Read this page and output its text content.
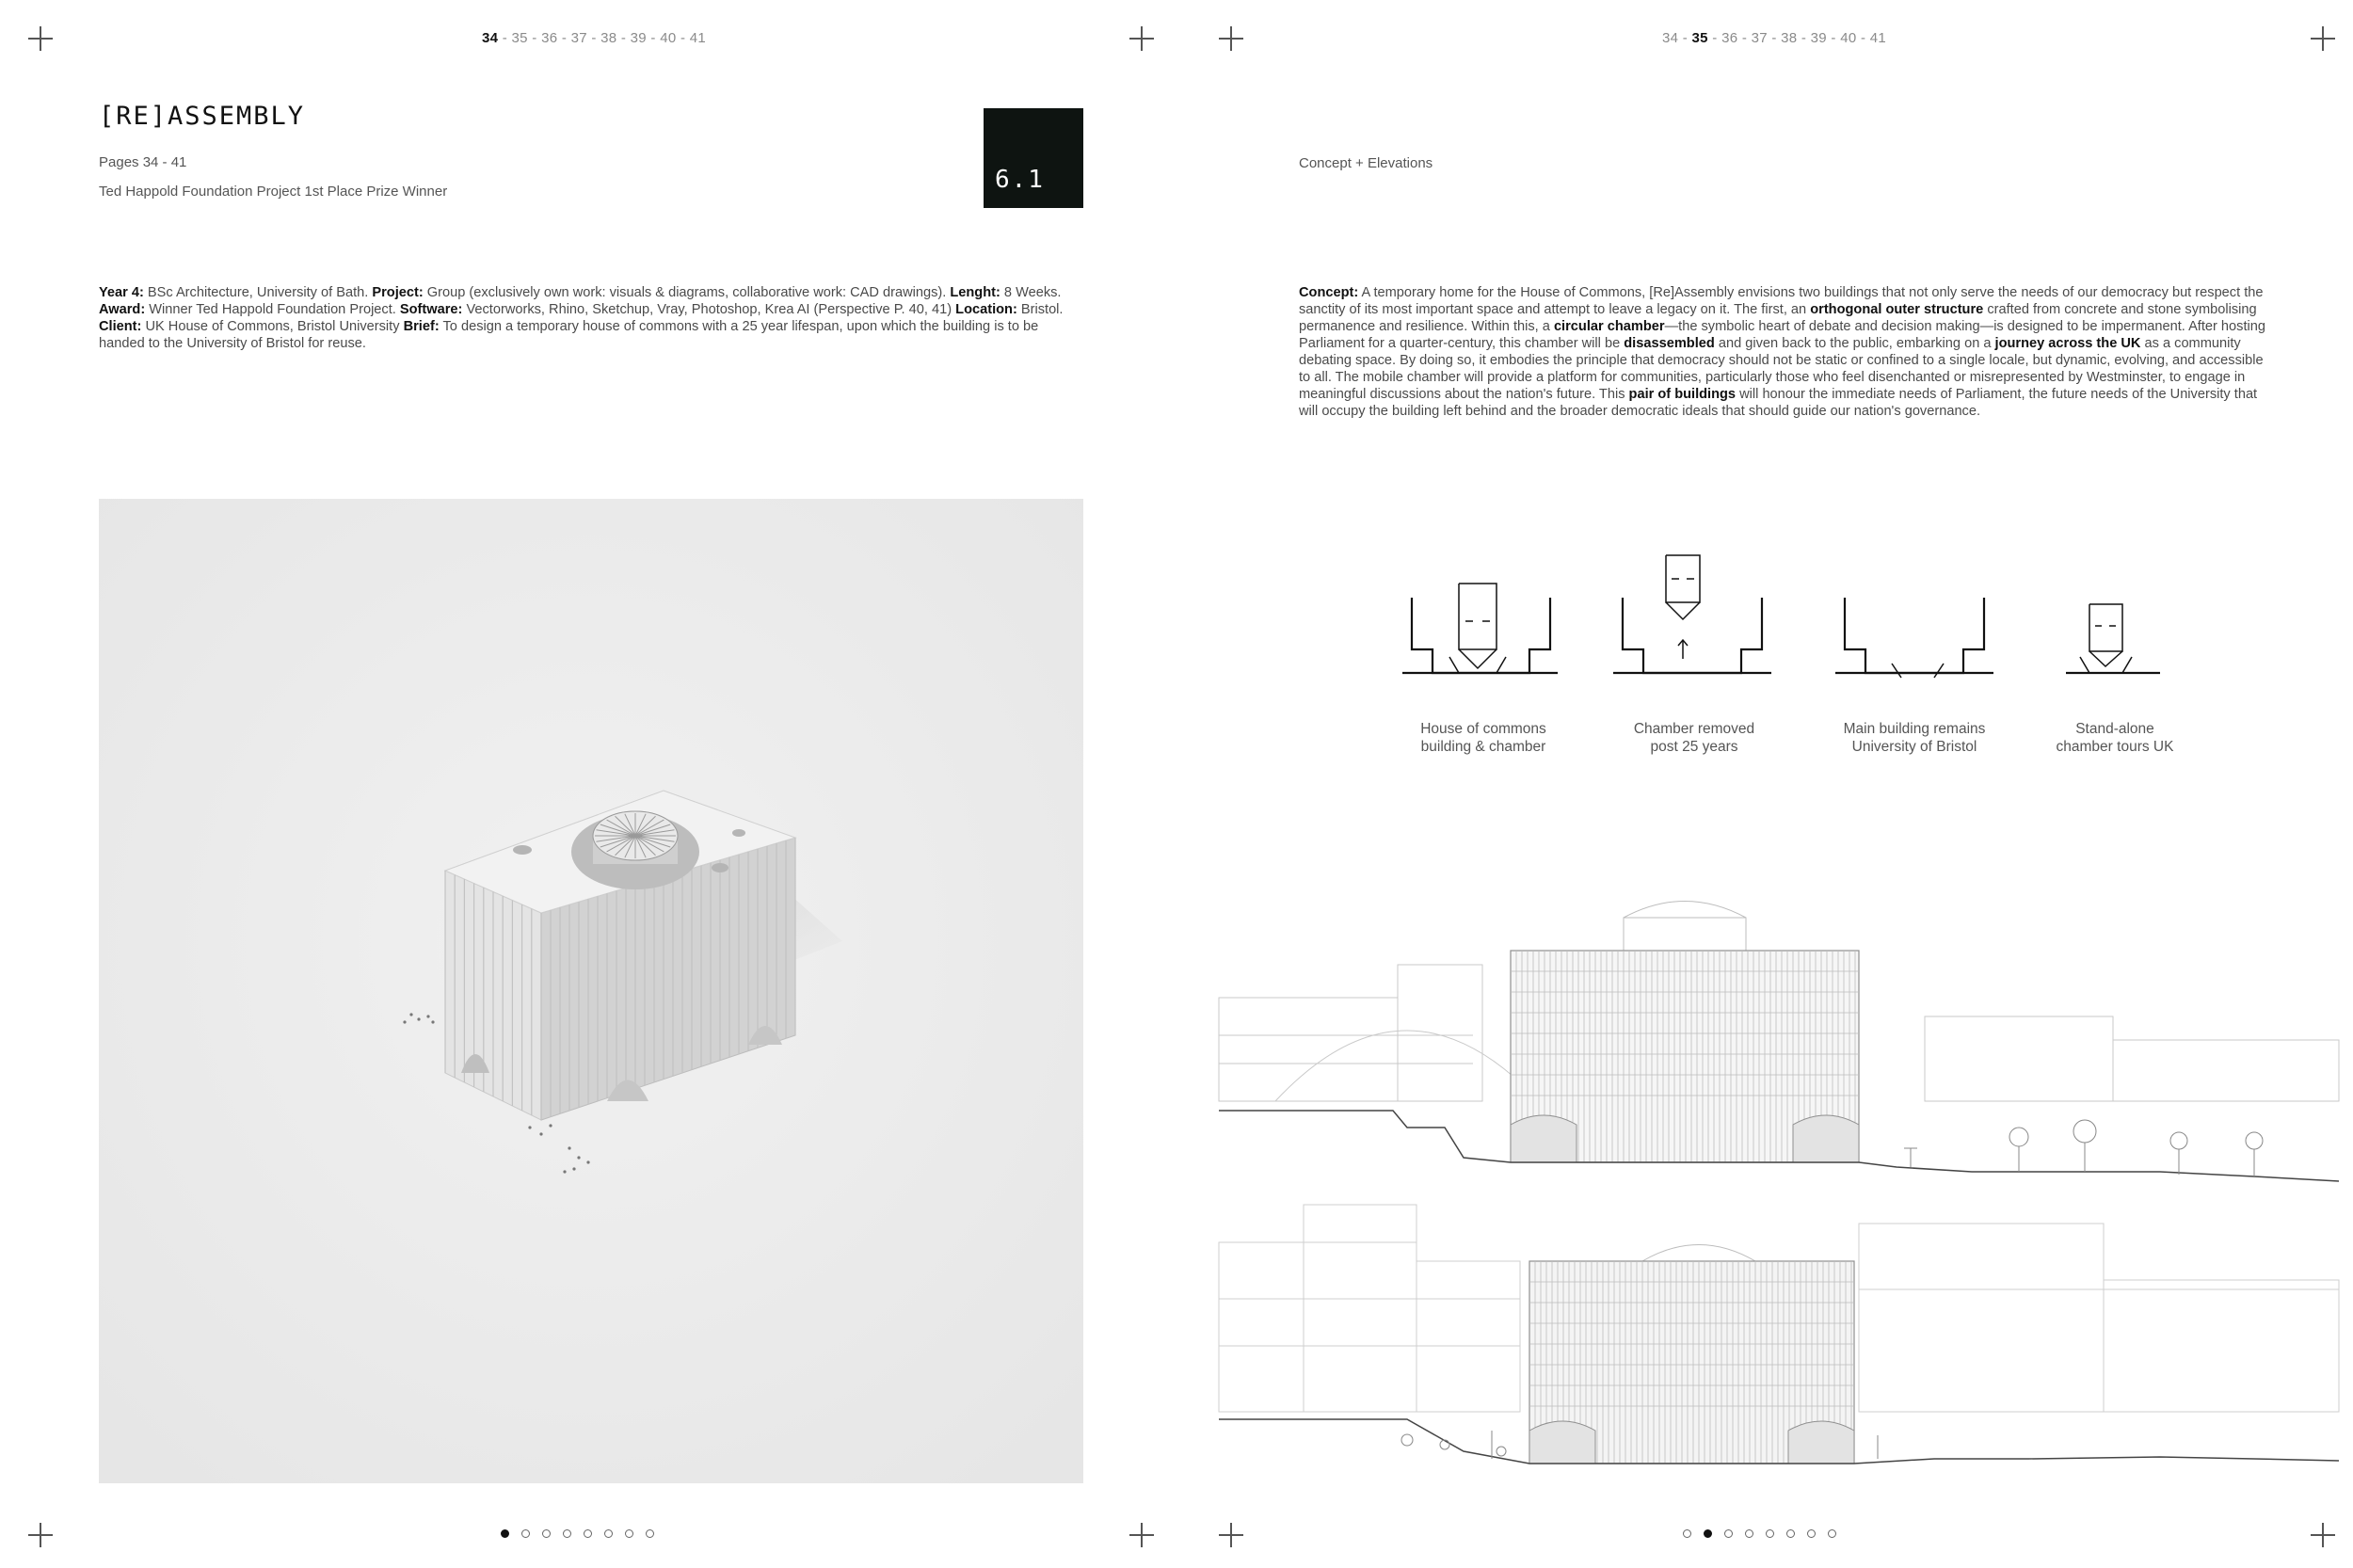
34 - 35 - 36 - 37 - 38 - 39 - 40 - 41
[RE]ASSEMBLY
Pages 34 - 41
Ted Happold Foundation Project 1st Place Prize Winner	6.1
Year 4: BSc Architecture, University of Bath. Project: Group (exclusively own work: visuals & diagrams, collaborative work: CAD drawings). Lenght: 8 Weeks. Award: Winner Ted Happold Foundation Project. Software: Vectorworks, Rhino, Sketchup, Vray, Photoshop, Krea AI (Perspective P. 40, 41) Location: Bristol. Client: UK House of Commons, Bristol University Brief: To design a temporary house of commons with a 25 year lifespan, upon which the building is to be handed to the University of Bristol for reuse.
34 - 35 - 36 - 37 - 38 - 39 - 40 - 41
Concept + Elevations
Concept: A temporary home for the House of Commons, [Re]Assembly envisions two buildings that not only serve the needs of our democracy but respect the sanctity of its most important space and attempt to leave a legacy on it. The first, an orthogonal outer structure crafted from concrete and stone symbolising permanence and resilience. Within this, a circular chamber—the symbolic heart of debate and decision making—is designed to be impermanent. After hosting Parliament for a quarter-century, this chamber will be disassembled and given back to the public, embarking on a journey across the UK as a community debating space. By doing so, it embodies the principle that democracy should not be static or confined to a single locale, but dynamic, evolving, and accessible to all. The mobile chamber will provide a platform for communities, particularly those who feel disenchanted or misrepresented by Westminster, to engage in meaningful discussions about the nation's future. This pair of buildings will honour the immediate needs of Parliament, the future needs of the University that will occupy the building left behind and the broader democratic ideals that should guide our nation's governance.
House of commons
building & chamber
Chamber removed
post 25 years
Main building remains
University of Bristol
Stand-alone
chamber tours UK
